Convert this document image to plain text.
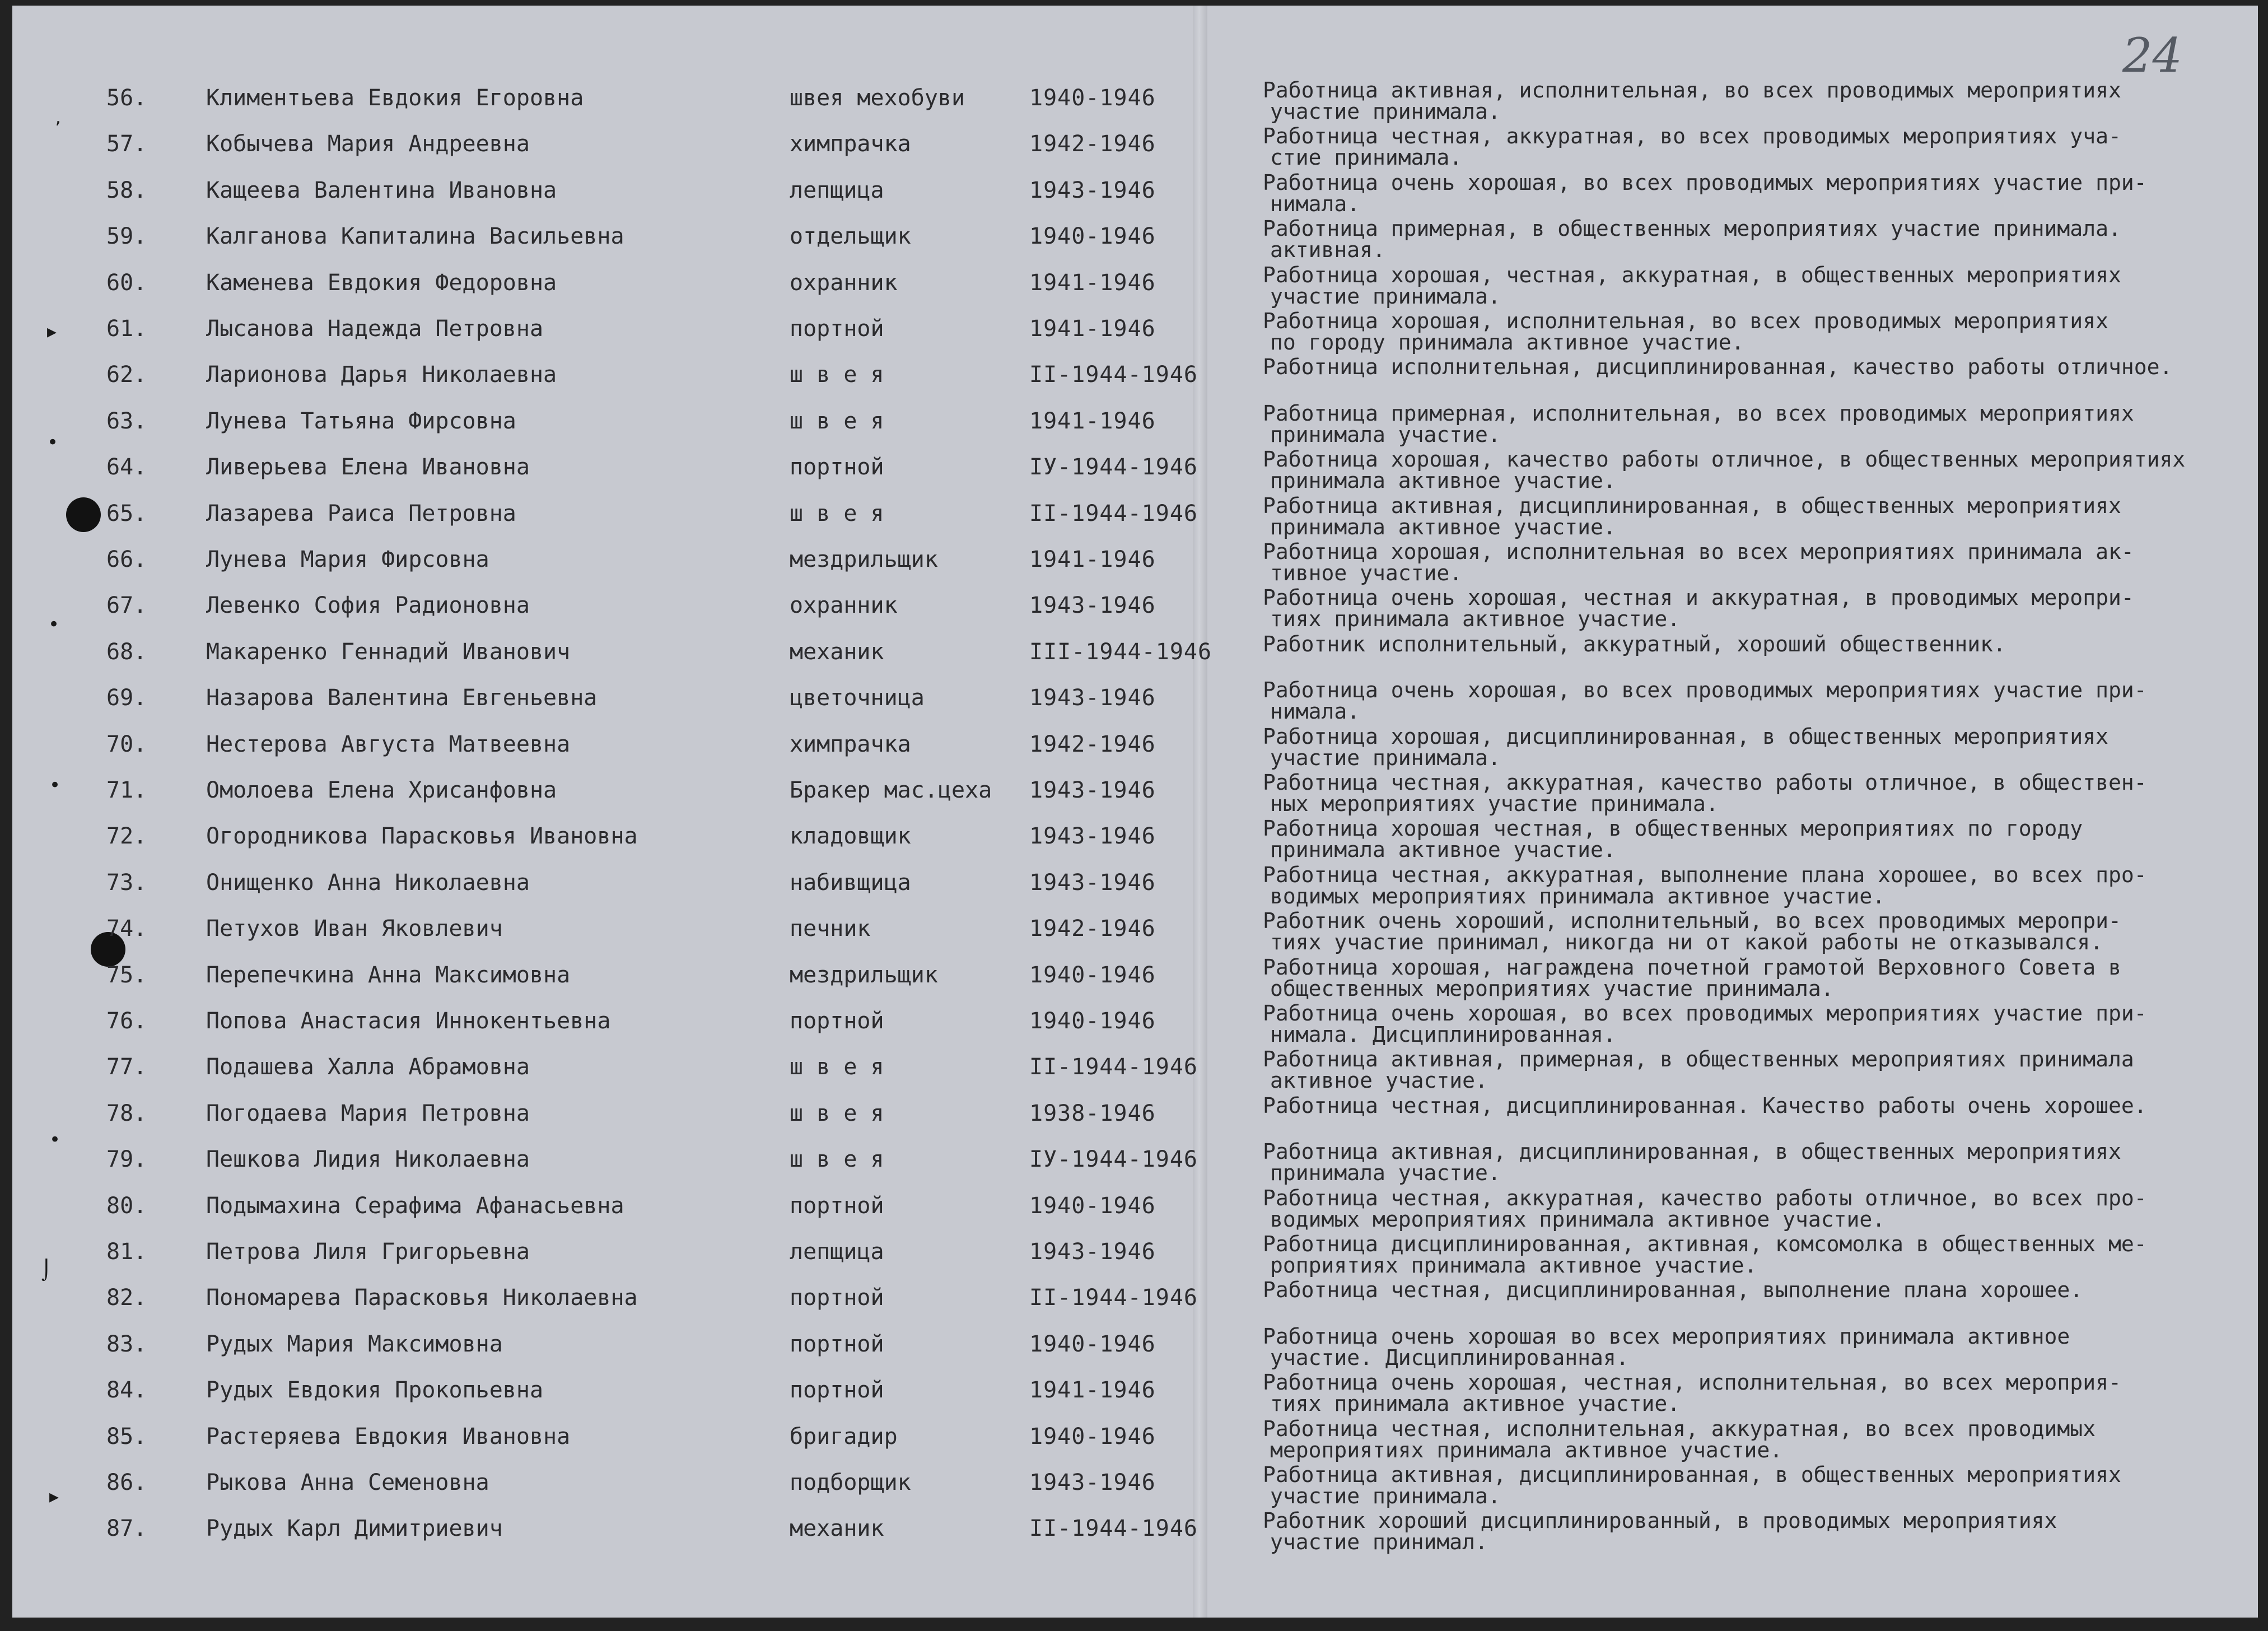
24
ʼ
▸
•
•
•
•
⌡
▸
56.	Климентьева Евдокия Егоровна	швея мехобуви	1940-1946	Работница активная, исполнительная, во всех проводимых мероприятиях
участие принимала.
57.	Кобычева Мария Андреевна	химпрачка	1942-1946	Работница честная, аккуратная, во всех проводимых мероприятиях уча-
стие принимала.
58.	Кащеева Валентина Ивановна	лепщица	1943-1946	Работница очень хорошая, во всех проводимых мероприятиях участие при-
нимала.
59.	Калганова Капиталина Васильевна	отдельщик	1940-1946	Работница примерная, в общественных мероприятиях участие принимала.
активная.
60.	Каменева Евдокия Федоровна	охранник	1941-1946	Работница хорошая, честная, аккуратная, в общественных мероприятиях
участие принимала.
61.	Лысанова Надежда Петровна	портной	1941-1946	Работница хорошая, исполнительная, во всех проводимых мероприятиях
по городу принимала активное участие.
62.	Ларионова Дарья Николаевна	ш в е я	II-1944-1946	Работница исполнительная, дисциплинированная, качество работы отличное.
63.	Лунева Татьяна Фирсовна	ш в е я	1941-1946	Работница примерная, исполнительная, во всех проводимых мероприятиях
принимала участие.
64.	Ливерьева Елена Ивановна	портной	IУ-1944-1946	Работница хорошая, качество работы отличное, в общественных мероприятиях
принимала активное участие.
65.	Лазарева Раиса Петровна	ш в е я	II-1944-1946	Работница активная, дисциплинированная, в общественных мероприятиях
принимала активное участие.
66.	Лунева Мария Фирсовна	мездрильщик	1941-1946	Работница хорошая, исполнительная во всех мероприятиях принимала ак-
тивное участие.
67.	Левенко София Радионовна	охранник	1943-1946	Работница очень хорошая, честная и аккуратная, в проводимых меропри-
тиях принимала активное участие.
68.	Макаренко Геннадий Иванович	механик	III-1944-1946 Работник исполнительный, аккуратный, хороший общественник.
69.	Назарова Валентина Евгеньевна	цветочница	1943-1946	Работница очень хорошая, во всех проводимых мероприятиях участие при-
нимала.
70.	Нестерова Августа Матвеевна	химпрачка	1942-1946	Работница хорошая, дисциплинированная, в общественных мероприятиях
участие принимала.
71.	Омолоева Елена Хрисанфовна	Бракер мас.цеха 1943-1946	Работница честная, аккуратная, качество работы отличное, в обществен-
ных мероприятиях участие принимала.
72.	Огородникова Парасковья Ивановна	кладовщик	1943-1946	Работница хорошая честная, в общественных мероприятиях по городу
принимала активное участие.
73.	Онищенко Анна Николаевна	набивщица	1943-1946	Работница честная, аккуратная, выполнение плана хорошее, во всех про-
водимых мероприятиях принимала активное участие.
74.	Петухов Иван Яковлевич	печник	1942-1946	Работник очень хороший, исполнительный, во всех проводимых меропри-
тиях участие принимал, никогда ни от какой работы не отказывался.
75.	Перепечкина Анна Максимовна	мездрильщик	1940-1946	Работница хорошая, награждена почетной грамотой Верховного Совета в
общественных мероприятиях участие принимала.
76.	Попова Анастасия Иннокентьевна	портной	1940-1946	Работница очень хорошая, во всех проводимых мероприятиях участие при-
нимала. Дисциплинированная.
77.	Подашева Халла Абрамовна	ш в е я	II-1944-1946	Работница активная, примерная, в общественных мероприятиях принимала
активное участие.
78.	Погодаева Мария Петровна	ш в е я	1938-1946	Работница честная, дисциплинированная. Качество работы очень хорошее.
79.	Пешкова Лидия Николаевна	ш в е я	IУ-1944-1946	Работница активная, дисциплинированная, в общественных мероприятиях
принимала участие.
80.	Подымахина Серафима Афанасьевна	портной	1940-1946	Работница честная, аккуратная, качество работы отличное, во всех про-
водимых мероприятиях принимала активное участие.
81.	Петрова Лиля Григорьевна	лепщица	1943-1946	Работница дисциплинированная, активная, комсомолка в общественных ме-
роприятиях принимала активное участие.
82.	Пономарева Парасковья Николаевна	портной	II-1944-1946	Работница честная, дисциплинированная, выполнение плана хорошее.
83.	Рудых Мария Максимовна	портной	1940-1946	Работница очень хорошая во всех мероприятиях принимала активное
участие. Дисциплинированная.
84.	Рудых Евдокия Прокопьевна	портной	1941-1946	Работница очень хорошая, честная, исполнительная, во всех мероприя-
тиях принимала активное участие.
85.	Растеряева Евдокия Ивановна	бригадир	1940-1946	Работница честная, исполнительная, аккуратная, во всех проводимых
мероприятиях принимала активное участие.
86.	Рыкова Анна Семеновна	подборщик	1943-1946	Работница активная, дисциплинированная, в общественных мероприятиях
участие принимала.
87.	Рудых Карл Димитриевич	механик	II-1944-1946	Работник хороший дисциплинированный, в проводимых мероприятиях
участие принимал.
